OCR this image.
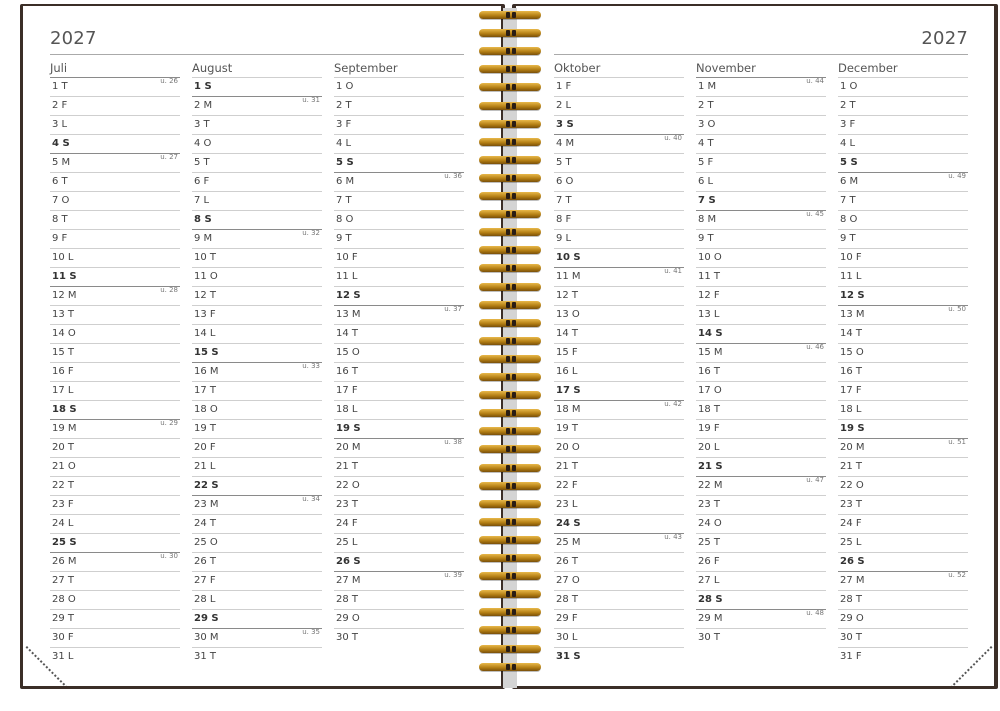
2027
Juli
1 T	u. 26
2 F
3 L
4 S
5 M	u. 27
6 T
7 O
8 T
9 F
10 L
11 S
12 M	u. 28
13 T
14 O
15 T
16 F
17 L
18 S
19 M	u. 29
20 T
21 O
22 T
23 F
24 L
25 S
26 M	u. 30
27 T
28 O
29 T
30 F
31 L
August
1 S
2 M	u. 31
3 T
4 O
5 T
6 F
7 L
8 S
9 M	u. 32
10 T
11 O
12 T
13 F
14 L
15 S
16 M	u. 33
17 T
18 O
19 T
20 F
21 L
22 S
23 M	u. 34
24 T
25 O
26 T
27 F
28 L
29 S
30 M	u. 35
31 T
September
1 O
2 T
3 F
4 L
5 S
6 M	u. 36
7 T
8 O
9 T
10 F
11 L
12 S
13 M	u. 37
14 T
15 O
16 T
17 F
18 L
19 S
20 M	u. 38
21 T
22 O
23 T
24 F
25 L
26 S
27 M	u. 39
28 T
29 O
30 T
2027
Oktober
1 F
2 L
3 S
4 M	u. 40
5 T
6 O
7 T
8 F
9 L
10 S
11 M	u. 41
12 T
13 O
14 T
15 F
16 L
17 S
18 M	u. 42
19 T
20 O
21 T
22 F
23 L
24 S
25 M	u. 43
26 T
27 O
28 T
29 F
30 L
31 S
November
1 M	u. 44
2 T
3 O
4 T
5 F
6 L
7 S
8 M	u. 45
9 T
10 O
11 T
12 F
13 L
14 S
15 M	u. 46
16 T
17 O
18 T
19 F
20 L
21 S
22 M	u. 47
23 T
24 O
25 T
26 F
27 L
28 S
29 M	u. 48
30 T
December
1 O
2 T
3 F
4 L
5 S
6 M	u. 49
7 T
8 O
9 T
10 F
11 L
12 S
13 M	u. 50
14 T
15 O
16 T
17 F
18 L
19 S
20 M	u. 51
21 T
22 O
23 T
24 F
25 L
26 S
27 M	u. 52
28 T
29 O
30 T
31 F
